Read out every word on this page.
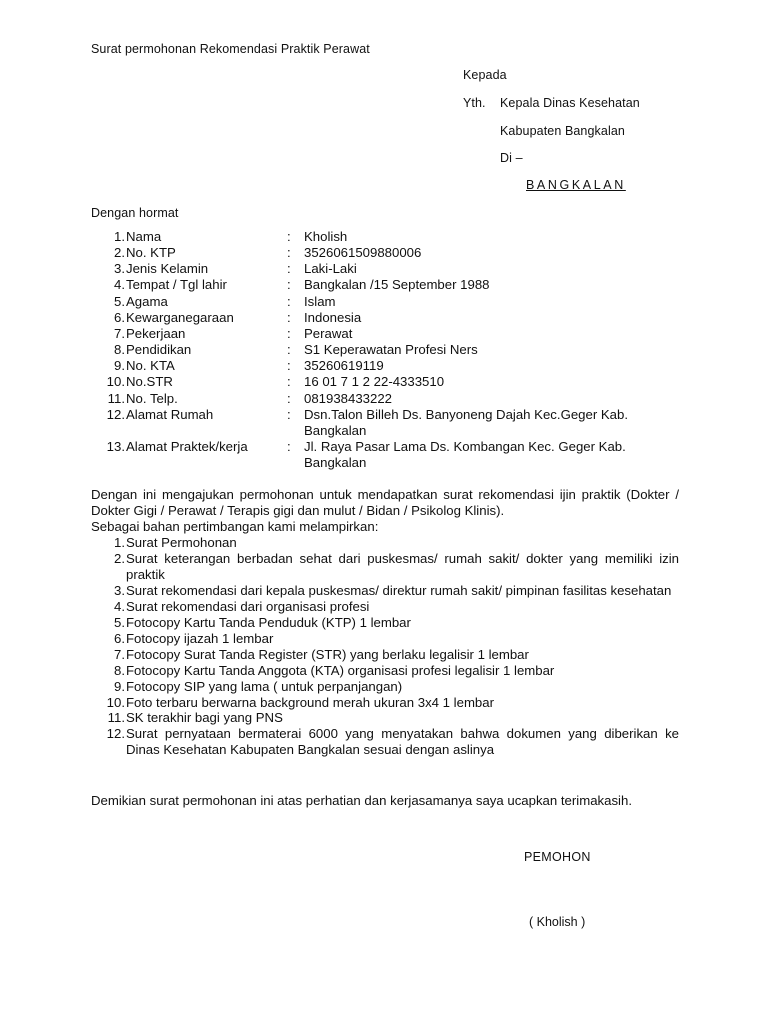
Surat permohonan Rekomendasi Praktik Perawat
Kepada
Yth. Kepala Dinas Kesehatan
Kabupaten Bangkalan
Di –
BANGKALAN
Dengan hormat
1. Nama	:	Kholish
2. No. KTP	:	3526061509880006
3. Jenis Kelamin	:	Laki-Laki
4. Tempat / Tgl lahir	:	Bangkalan /15 September 1988
5. Agama	:	Islam
6. Kewarganegaraan	:	Indonesia
7. Pekerjaan	:	Perawat
8. Pendidikan	:	S1 Keperawatan Profesi Ners
9. No. KTA	:	35260619119
10. No.STR	:	16 01 7 1 2 22-4333510
11. No. Telp.	:	081938433222
12. Alamat Rumah	:	Dsn.Talon Billeh Ds. Banyoneng Dajah Kec.Geger Kab. Bangkalan
13. Alamat Praktek/kerja	:	Jl. Raya Pasar Lama Ds. Kombangan Kec. Geger Kab. Bangkalan

Dengan ini mengajukan permohonan untuk mendapatkan surat rekomendasi ijin praktik (Dokter / Dokter Gigi / Perawat / Terapis gigi dan mulut / Bidan / Psikolog Klinis).

Sebagai bahan pertimbangan kami melampirkan:

1. Surat Permohonan
2. Surat keterangan berbadan sehat dari puskesmas/ rumah sakit/ dokter yang memiliki izin praktik
3. Surat rekomendasi dari kepala puskesmas/ direktur rumah sakit/ pimpinan fasilitas kesehatan
4. Surat rekomendasi dari organisasi profesi
5. Fotocopy Kartu Tanda Penduduk (KTP) 1 lembar
6. Fotocopy ijazah 1 lembar
7. Fotocopy Surat Tanda Register (STR) yang berlaku legalisir 1 lembar
8. Fotocopy Kartu Tanda Anggota (KTA) organisasi profesi legalisir 1 lembar
9. Fotocopy SIP yang lama ( untuk perpanjangan)
10. Foto terbaru berwarna background merah ukuran 3x4 1 lembar
11. SK terakhir bagi yang PNS
12. Surat pernyataan bermaterai 6000 yang menyatakan bahwa dokumen yang diberikan ke Dinas Kesehatan Kabupaten Bangkalan sesuai dengan aslinya
Demikian surat permohonan ini atas perhatian dan kerjasamanya saya ucapkan terimakasih.
PEMOHON
( Kholish )
